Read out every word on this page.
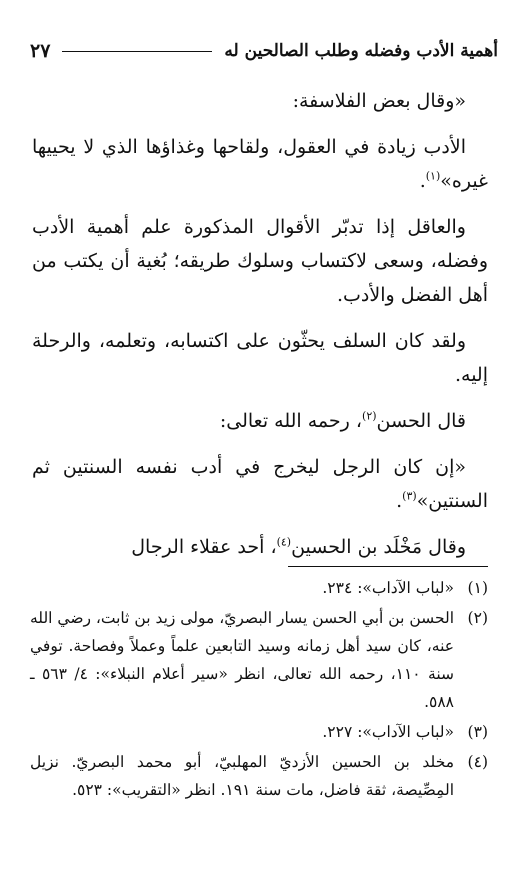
أهمية الأدب وفضله وطلب الصالحين له
٢٧

«وقال بعض الفلاسفة:

الأدب زيادة في العقول، ولقاحها وغذاؤها الذي لا يحييها غيره»$^{(١)}$.

والعاقل إذا تدبّر الأقوال المذكورة علم أهمية الأدب وفضله، وسعى لاكتساب وسلوك طريقه؛ بُغية أن يكتب من أهل الفضل والأدب.

ولقد كان السلف يحثّون على اكتسابه، وتعلمه، والرحلة إليه.

قال الحسن$^{(٢)}$، رحمه الله تعالى:

«إن كان الرجل ليخرج في أدب نفسه السنتين ثم السنتين»$^{(٣)}$.

وقال مَخْلَد بن الحسين$^{(٤)}$، أحد عقلاء الرجال

(١)
«لباب الآداب»: ٢٣٤.
(٢)
الحسن بن أبي الحسن يسار البصريّ، مولى زيد بن ثابت، رضي الله عنه، كان سيد أهل زمانه وسيد التابعين علماً وعملاً وفصاحة. توفي سنة ١١٠، رحمه الله تعالى، انظر «سير أعلام النبلاء»: ٤/ ٥٦٣ ـ ٥٨٨.
(٣)
«لباب الآداب»: ٢٢٧.
(٤)
مخلد بن الحسين الأزديّ المهلبيّ، أبو محمد البصريّ. نزيل المِصِّيصة، ثقة فاضل، مات سنة ١٩١. انظر «التقريب»: ٥٢٣.
